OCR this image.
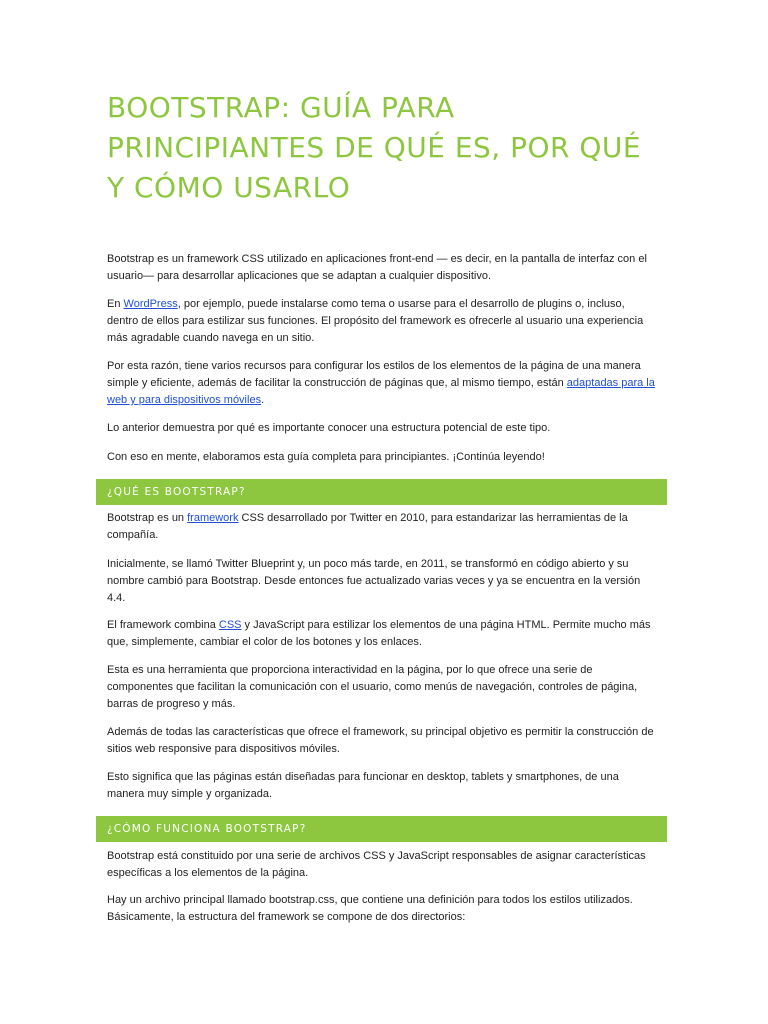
BOOTSTRAP: GUÍA PARA PRINCIPIANTES DE QUÉ ES, POR QUÉ Y CÓMO USARLO

Bootstrap es un framework CSS utilizado en aplicaciones front-end — es decir, en la pantalla de interfaz con el usuario— para desarrollar aplicaciones que se adaptan a cualquier dispositivo.

En WordPress, por ejemplo, puede instalarse como tema o usarse para el desarrollo de plugins o, incluso, dentro de ellos para estilizar sus funciones. El propósito del framework es ofrecerle al usuario una experiencia más agradable cuando navega en un sitio.

Por esta razón, tiene varios recursos para configurar los estilos de los elementos de la página de una manera simple y eficiente, además de facilitar la construcción de páginas que, al mismo tiempo, están adaptadas para la web y para dispositivos móviles.

Lo anterior demuestra por qué es importante conocer una estructura potencial de este tipo.

Con eso en mente, elaboramos esta guía completa para principiantes. ¡Continúa leyendo!

¿QUÉ ES BOOTSTRAP?

Bootstrap es un framework CSS desarrollado por Twitter en 2010, para estandarizar las herramientas de la compañía.

Inicialmente, se llamó Twitter Blueprint y, un poco más tarde, en 2011, se transformó en código abierto y su nombre cambió para Bootstrap. Desde entonces fue actualizado varias veces y ya se encuentra en la versión 4.4.

El framework combina CSS y JavaScript para estilizar los elementos de una página HTML. Permite mucho más que, simplemente, cambiar el color de los botones y los enlaces.

Esta es una herramienta que proporciona interactividad en la página, por lo que ofrece una serie de componentes que facilitan la comunicación con el usuario, como menús de navegación, controles de página, barras de progreso y más.

Además de todas las características que ofrece el framework, su principal objetivo es permitir la construcción de sitios web responsive para dispositivos móviles.

Esto significa que las páginas están diseñadas para funcionar en desktop, tablets y smartphones, de una manera muy simple y organizada.

¿CÓMO FUNCIONA BOOTSTRAP?

Bootstrap está constituido por una serie de archivos CSS y JavaScript responsables de asignar características específicas a los elementos de la página.

Hay un archivo principal llamado bootstrap.css, que contiene una definición para todos los estilos utilizados. Básicamente, la estructura del framework se compone de dos directorios:
